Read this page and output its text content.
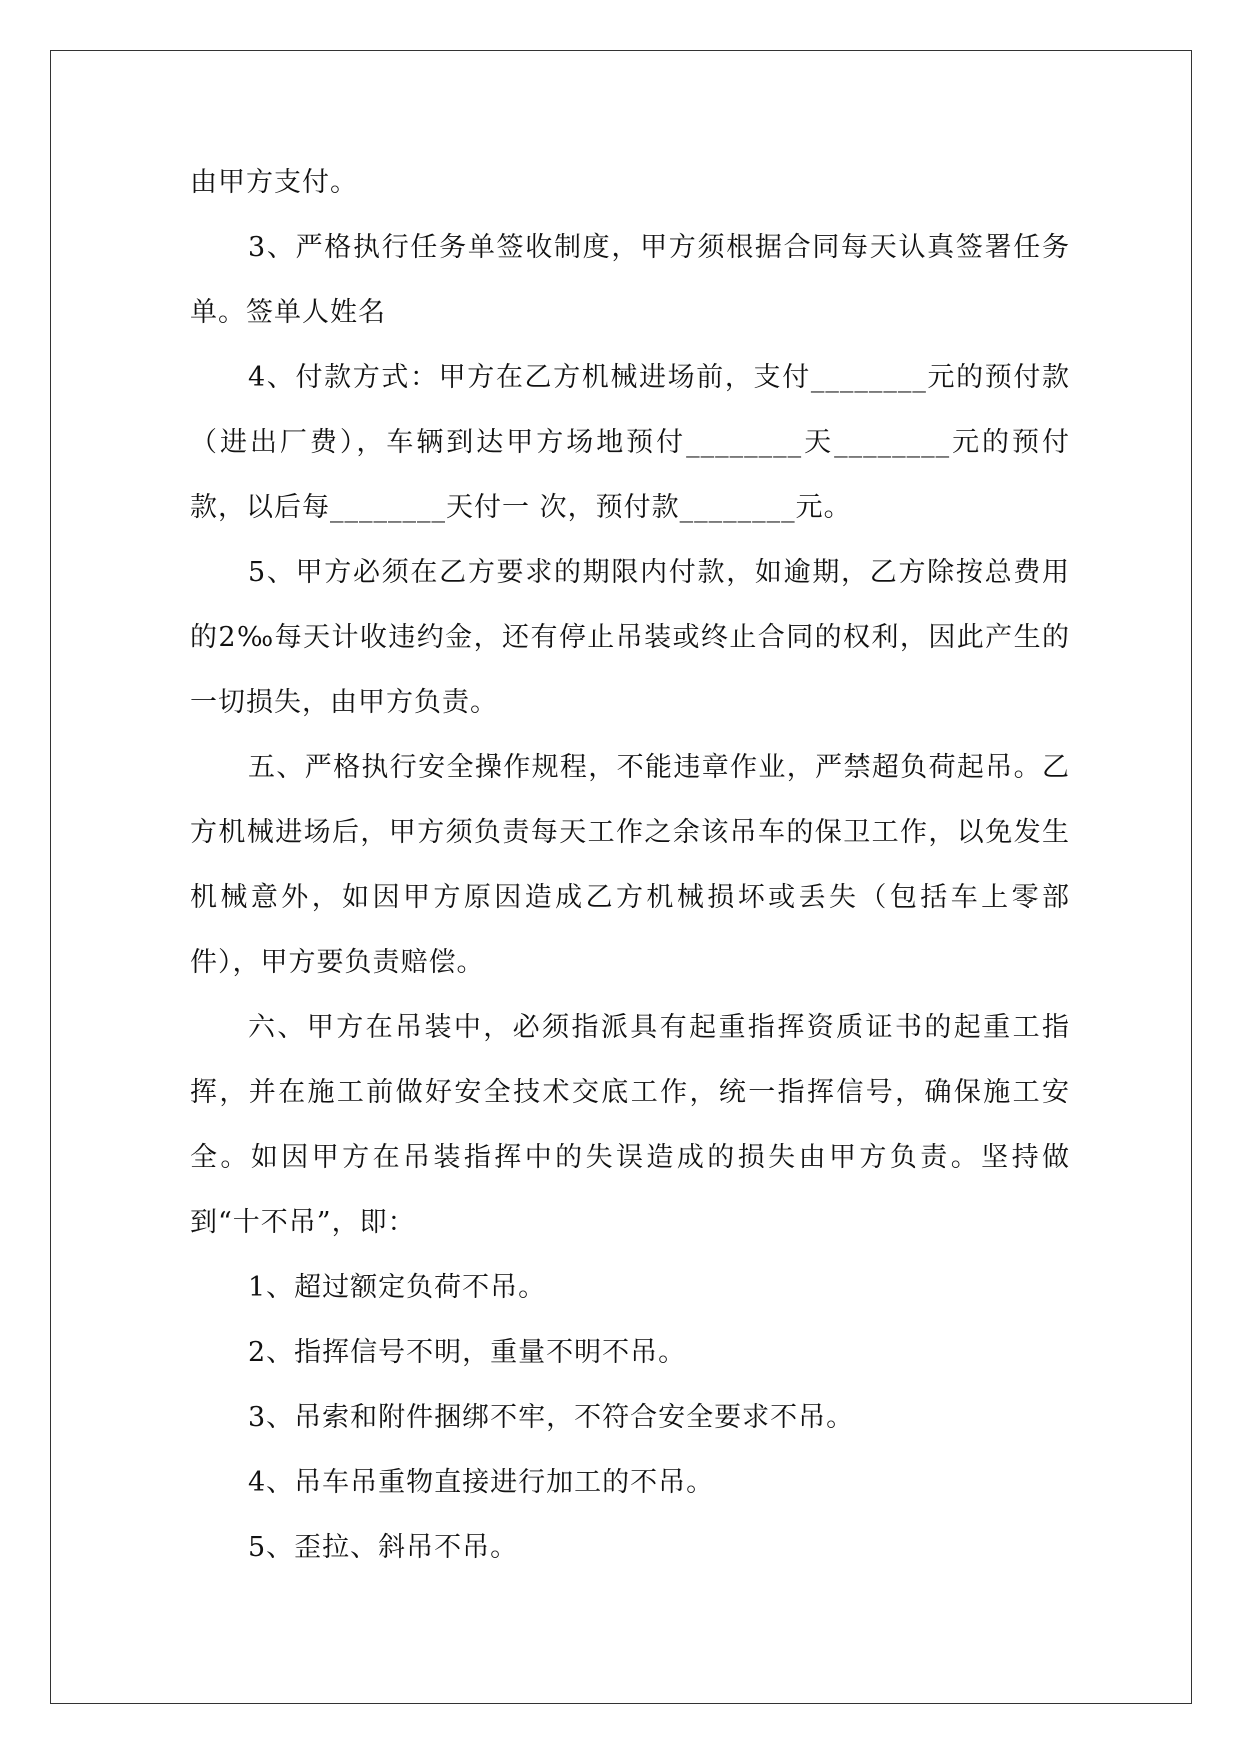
由甲方支付。

3、严格执行任务单签收制度，甲方须根据合同每天认真签署任务单。签单人姓名

4、付款方式：甲方在乙方机械进场前，支付________元的预付款（进出厂费），车辆到达甲方场地预付________天________元的预付款，以后每________天付一 次，预付款________元。

5、甲方必须在乙方要求的期限内付款，如逾期，乙方除按总费用的2‰每天计收违约金，还有停止吊装或终止合同的权利，因此产生的一切损失，由甲方负责。

五、严格执行安全操作规程，不能违章作业，严禁超负荷起吊。乙方机械进场后，甲方须负责每天工作之余该吊车的保卫工作，以免发生机械意外，如因甲方原因造成乙方机械损坏或丢失（包括车上零部件），甲方要负责赔偿。

六、甲方在吊装中，必须指派具有起重指挥资质证书的起重工指挥，并在施工前做好安全技术交底工作，统一指挥信号，确保施工安全。如因甲方在吊装指挥中的失误造成的损失由甲方负责。坚持做到“十不吊”，即：

1、超过额定负荷不吊。

2、指挥信号不明，重量不明不吊。

3、吊索和附件捆绑不牢，不符合安全要求不吊。

4、吊车吊重物直接进行加工的不吊。

5、歪拉、斜吊不吊。
